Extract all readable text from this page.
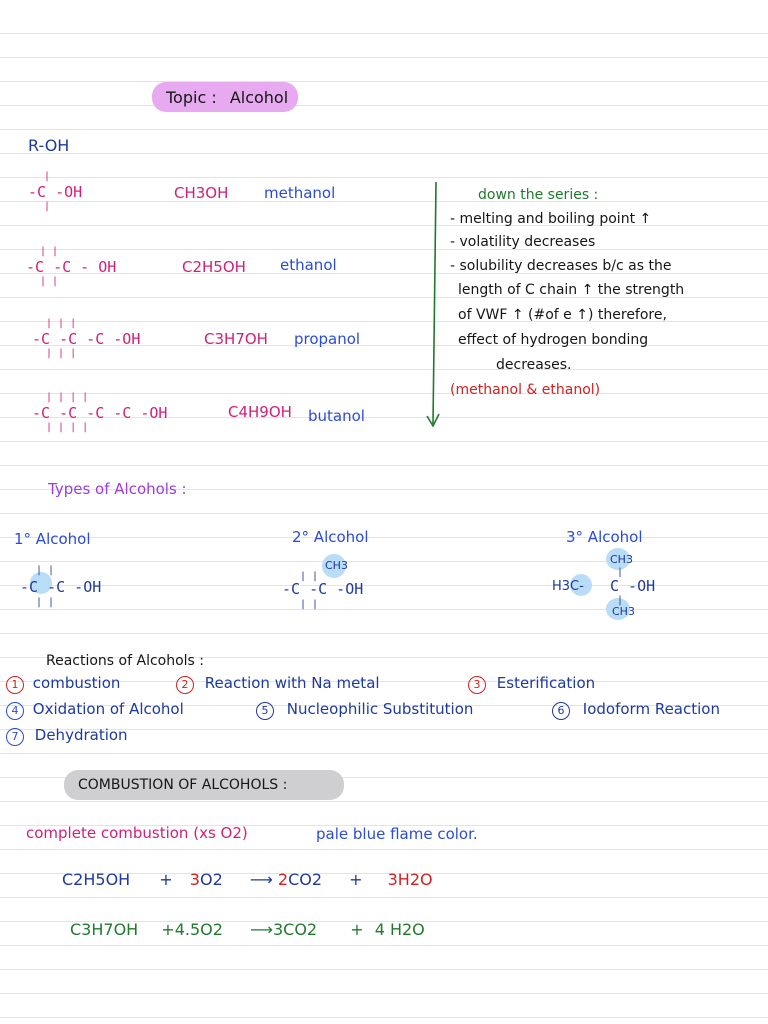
Topic : Alcohol
R-OH
|
-C -OH
|
CH3OH methanol
| |
-C -C - OH
| |
C2H5OH ethanol
| | |
-C -C -C -OH
| | |
C3H7OH propanol
| | | |
-C -C -C -C -OH
| | | |
C4H9OH butanol
down the series :
- melting and boiling point ↑
- volatility decreases
- solubility decreases b/c as the
length of C chain ↑ the strength
of VWF ↑ (#of e ↑) therefore,
effect of hydrogen bonding
decreases.
(methanol & ethanol)
Types of Alcohols :
1° Alcohol
| |
-C -C -OH
| |
2° Alcohol
CH3
| |
-C -C -OH
| |
3° Alcohol
CH3
|
H3C- C -OH
|
CH3
Reactions of Alcohols :
1 combustion	2 Reaction with Na metal	3 Esterification
4 Oxidation of Alcohol	5 Nucleophilic Substitution	6 Iodoform Reaction
7 Dehydration
COMBUSTION OF ALCOHOLS :
complete combustion (xs O2)	pale blue flame color.
C2H5OH + 3O2 ⟶ 2CO2 + 3H2O
C3H7OH +4.5O2 ⟶3CO2 + 4 H2O
